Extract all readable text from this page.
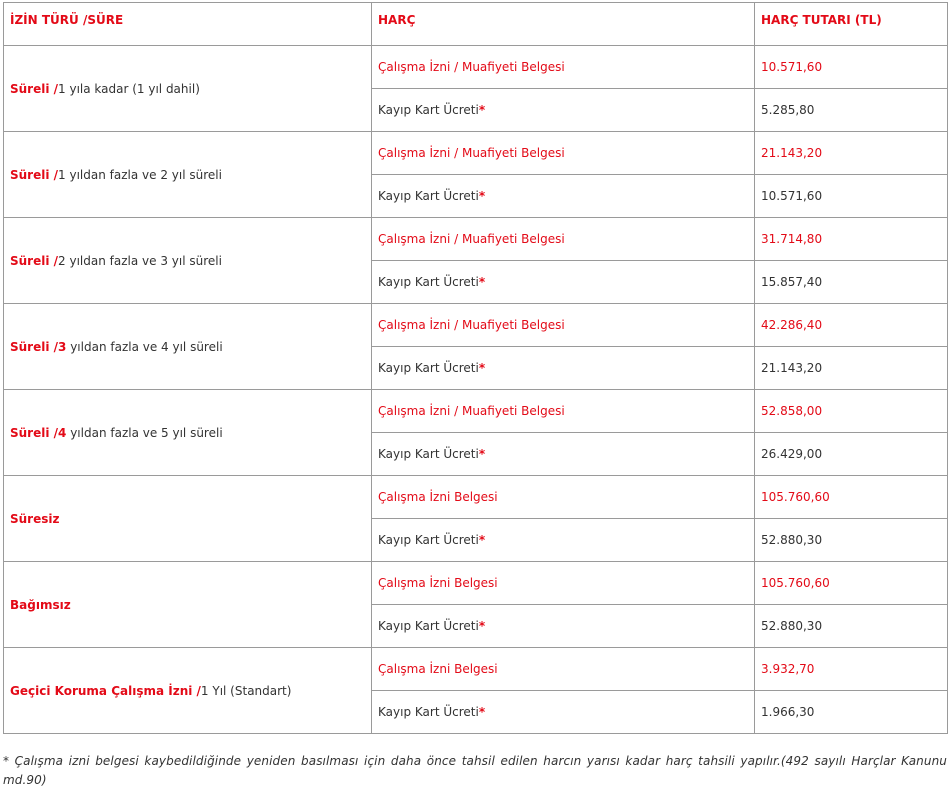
İZİN TÜRÜ /SÜRE	HARÇ	HARÇ TUTARI (TL)
Süreli /1 yıla kadar (1 yıl dahil)	Çalışma İzni / Muafiyeti Belgesi	10.571,60
	Kayıp Kart Ücreti*	5.285,80
Süreli /1 yıldan fazla ve 2 yıl süreli	Çalışma İzni / Muafiyeti Belgesi	21.143,20
	Kayıp Kart Ücreti*	10.571,60
Süreli /2 yıldan fazla ve 3 yıl süreli	Çalışma İzni / Muafiyeti Belgesi	31.714,80
	Kayıp Kart Ücreti*	15.857,40
Süreli /3 yıldan fazla ve 4 yıl süreli	Çalışma İzni / Muafiyeti Belgesi	42.286,40
	Kayıp Kart Ücreti*	21.143,20
Süreli /4 yıldan fazla ve 5 yıl süreli	Çalışma İzni / Muafiyeti Belgesi	52.858,00
	Kayıp Kart Ücreti*	26.429,00
Süresiz	Çalışma İzni Belgesi	105.760,60
	Kayıp Kart Ücreti*	52.880,30
Bağımsız	Çalışma İzni Belgesi	105.760,60
	Kayıp Kart Ücreti*	52.880,30
Geçici Koruma Çalışma İzni /1 Yıl (Standart)	Çalışma İzni Belgesi	3.932,70
	Kayıp Kart Ücreti*	1.966,30
* Çalışma izni belgesi kaybedildiğinde yeniden basılması için daha önce tahsil edilen harcın yarısı kadar harç tahsili yapılır.(492 sayılı Harçlar Kanunu md.90)
